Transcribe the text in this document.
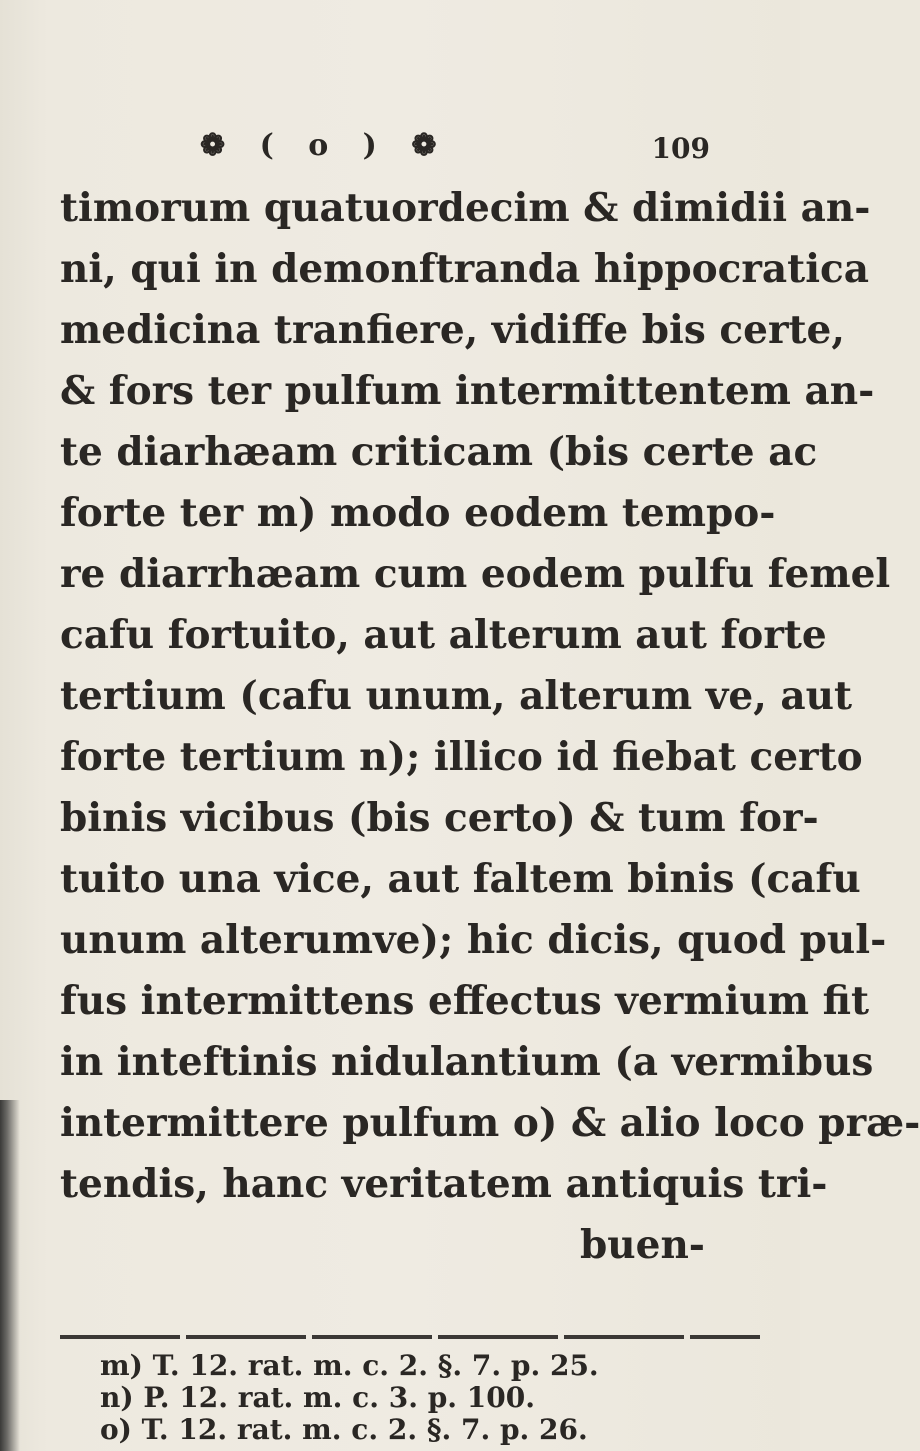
❁ ( o ) ❁	109
timorum quatuordecim & dimidii an-
ni, qui in demonftranda hippocratica
medicina tranfiere, vidiffe bis certe,
& fors ter pulfum intermittentem an-
te diarhæam criticam (bis certe ac
forte ter m) modo eodem tempo-
re diarrhæam cum eodem pulfu femel
cafu fortuito, aut alterum aut forte
tertium (cafu unum, alterum ve, aut
forte tertium n); illico id fiebat certo
binis vicibus (bis certo) & tum for-
tuito una vice, aut faltem binis (cafu
unum alterumve); hic dicis, quod pul-
fus intermittens effectus vermium fit
in inteftinis nidulantium (a vermibus
intermittere pulfum o) & alio loco præ-
tendis, hanc veritatem antiquis tri-
buen-
m) T. 12. rat. m. c. 2. §. 7. p. 25.
n) P. 12. rat. m. c. 3. p. 100.
o) T. 12. rat. m. c. 2. §. 7. p. 26.
